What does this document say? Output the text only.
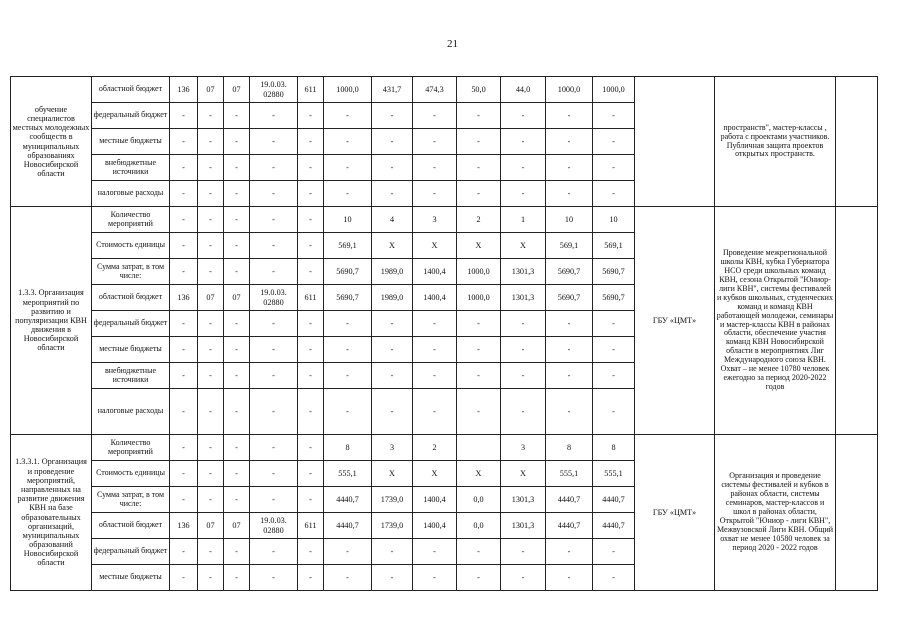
21
обучение специалистов местных молодежных сообществ в муниципальных образованиях Новосибирской области	областной бюджет	136	07	07	19.0.03. 02880	611	1000,0	431,7	474,3	50,0	44,0	1000,0	1000,0		пространств", мастер-классы , работа с проектами участников. Публичная защита проектов открытых пространств.	
	федеральный бюджет	-	-	-	-	-	-	-	-	-	-	-	-			
	местные бюджеты	-	-	-	-	-	-	-	-	-	-	-	-			
	внебюджетные источники	-	-	-	-	-	-	-	-	-	-	-	-			
	налоговые расходы	-	-	-	-	-	-	-	-	-	-	-	-			
1.3.3. Организация мероприятий по развитию и популяризации КВН движения в Новосибирской области	Количество мероприятий	-	-	-	-	-	10	4	3	2	1	10	10	ГБУ «ЦМТ»	Проведение межрегиональной школы КВН, кубка Губернатора НСО среди школьных команд КВН, сезона Открытой "Юниор-лиги КВН", системы фестивалей и кубков школьных, студенческих команд и команд КВН работающей молодежи, семинары и мастер-классы КВН в районах области, обеспечение участия команд КВН Новосибирской области в мероприятиях Лиг Международного союза КВН. Охват – не менее 10780 человек ежегодно за период 2020-2022 годов	
	Стоимость единицы	-	-	-	-	-	569,1	X	X	X	X	569,1	569,1			
	Сумма затрат, в том числе:	-	-	-	-	-	5690,7	1989,0	1400,4	1000,0	1301,3	5690,7	5690,7			
	областной бюджет	136	07	07	19.0.03. 02880	611	5690,7	1989,0	1400,4	1000,0	1301,3	5690,7	5690,7			
	федеральный бюджет	-	-	-	-	-	-	-	-	-	-	-	-			
	местные бюджеты	-	-	-	-	-	-	-	-	-	-	-	-			
	внебюджетные источники	-	-	-	-	-	-	-	-	-	-	-	-			
	налоговые расходы	-	-	-	-	-	-	-	-	-	-	-	-			
1.3.3.1. Организация и проведение мероприятий, направленных на развитие движения КВН на базе образовательных организаций, муниципальных образований Новосибирской области	Количество мероприятий	-	-	-	-	-	8	3	2		3	8	8	ГБУ «ЦМТ»	Организация и проведение системы фестивалей и кубков в районах области, системы семинаров, мастер-классов и школ в районах области, Открытой "Юниор - лиги КВН", Межвузовской Лиги КВН. Общий охват не менее 10580 человек за период 2020 - 2022 годов	
	Стоимость единицы	-	-	-	-	-	555,1	X	X	X	X	555,1	555,1			
	Сумма затрат, в том числе:	-	-	-	-	-	4440,7	1739,0	1400,4	0,0	1301,3	4440,7	4440,7			
	областной бюджет	136	07	07	19.0.03. 02880	611	4440,7	1739,0	1400,4	0,0	1301,3	4440,7	4440,7			
	федеральный бюджет	-	-	-	-	-	-	-	-	-	-	-	-			
	местные бюджеты	-	-	-	-	-	-	-	-	-	-	-	-			
